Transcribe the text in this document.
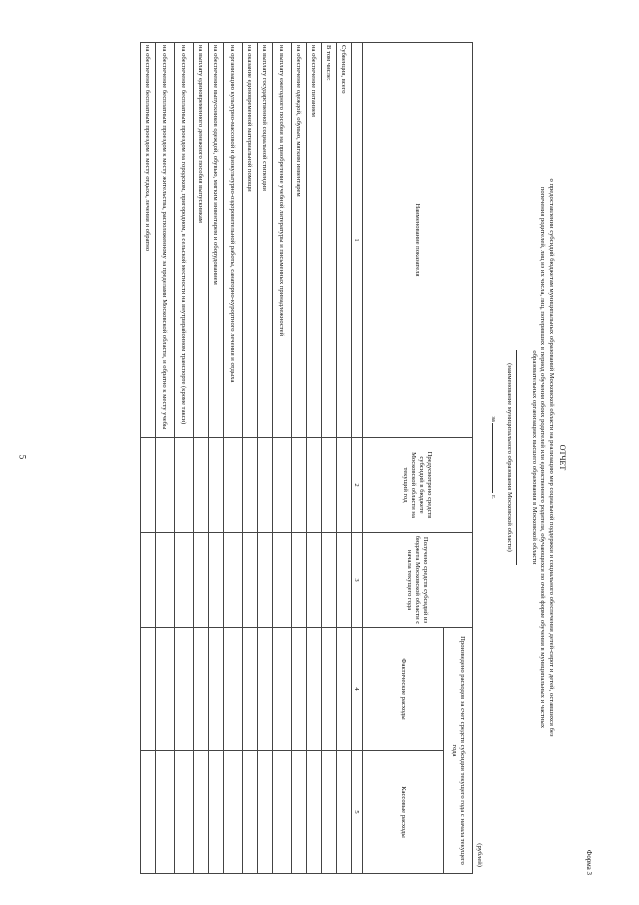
5
Форма 3
ОТЧЕТ
о предоставлении субсидий бюджетам муниципальных образований Московской области на реализацию мер социальной поддержки и социального обеспечения детей-сирот и детей, оставшихся без
попечения родителей, лиц из их числа, лиц, потерявших в период обучения обоих родителей или единственного родителя, обучающихся по очной форме обучения в муниципальных и частных
образовательных организациях высшего образования в Московской области
(наименование муниципального образования Московской области)
за  г.
(рублей)
Наименование показателя	Предусмотрено средств субсидий в бюджете Московской области на текущий год	Получено средств субсидий из бюджета Московской области с начала текущего года	Произведено расходов за счет средств субсидии текущего года с начала текущего года	
			Фактические расходы	Кассовые расходы
1	2	3	4	5
Субвенция, всего				
В том числе:				
на обеспечение питанием				
на обеспечение одеждой, обувью, мягким инвентарем				
на выплату ежегодного пособия на приобретение учебной литературы и письменных принадлежностей				
на выплату государственной социальной стипендии				
на оказание единовременной материальной помощи				
на организацию культурно-массовой и физкультурно-оздоровительной работы, санаторно-курортного лечения и отдыха				
на обеспечение выпускников одеждой, обувью, мягким инвентарем и оборудованием				
на выплату единовременного денежного пособия выпускникам				
на обеспечение бесплатным проездом на городском, пригородном, в сельской местности на внутрирайонном транспорте (кроме такси)				
на обеспечение бесплатным проездом к месту жительства, расположенному за пределами Московской области, и обратно к месту учебы				
на обеспечение бесплатным проездом к месту отдыха, лечения и обратно				
